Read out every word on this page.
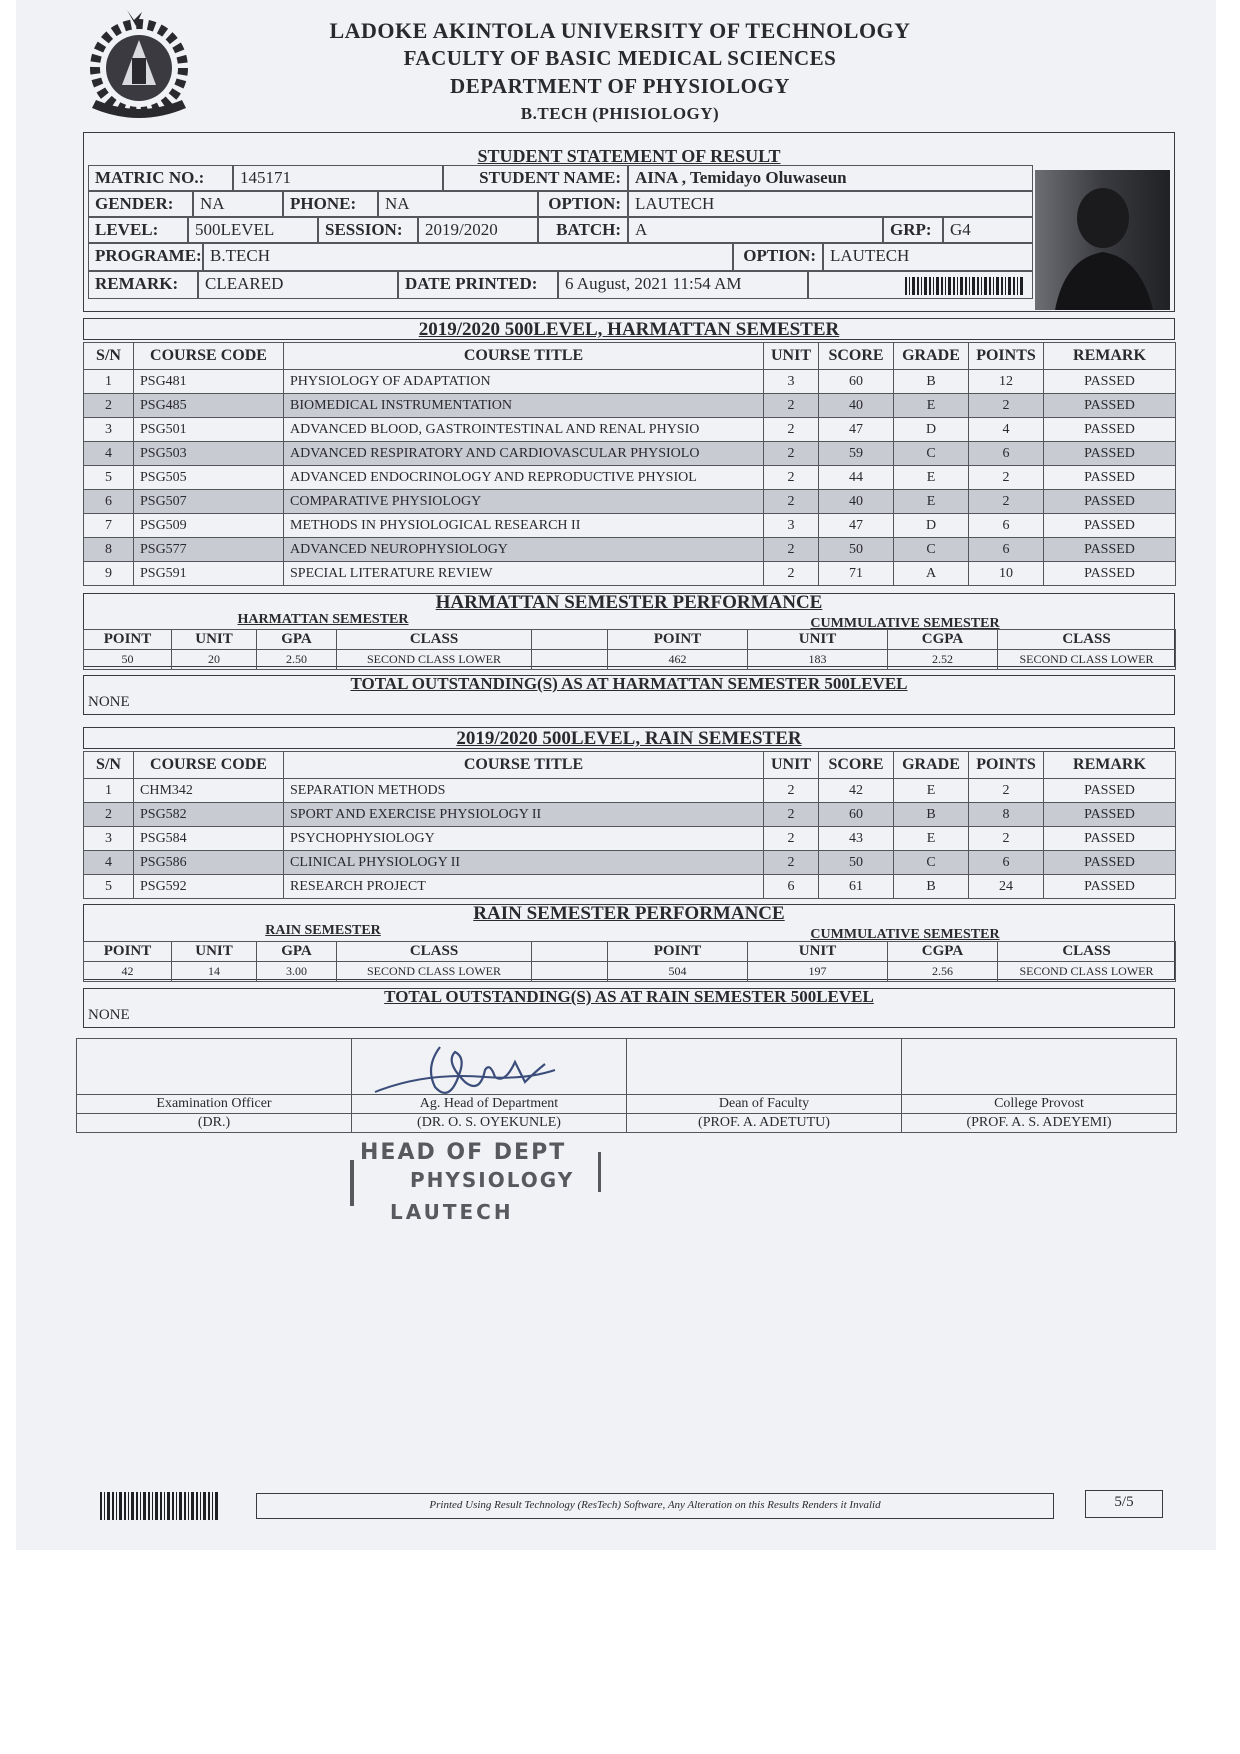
LADOKE AKINTOLA UNIVERSITY OF TECHNOLOGY
FACULTY OF BASIC MEDICAL SCIENCES
DEPARTMENT OF PHYSIOLOGY
B.TECH (PHISIOLOGY)
STUDENT STATEMENT OF RESULT
MATRIC NO.:	145171	STUDENT NAME: AINA , Temidayo Oluwaseun
GENDER:	NA	PHONE:	NA	OPTION: LAUTECH
LEVEL:	500LEVEL	SESSION:	2019/2020	BATCH: A	GRP:	G4
PROGRAME: B.TECH	OPTION: LAUTECH
REMARK:	CLEARED	DATE PRINTED:	6 August, 2021 11:54 AM
2019/2020 500LEVEL, HARMATTAN SEMESTER
S/N	COURSE CODE	COURSE TITLE	UNIT	SCORE	GRADE	POINTS	REMARK
1	PSG481	PHYSIOLOGY OF ADAPTATION	3	60	B	12	PASSED
2	PSG485	BIOMEDICAL INSTRUMENTATION	2	40	E	2	PASSED
3	PSG501	ADVANCED BLOOD, GASTROINTESTINAL AND RENAL PHYSIO	2	47	D	4	PASSED
4	PSG503	ADVANCED RESPIRATORY AND CARDIOVASCULAR PHYSIOLO	2	59	C	6	PASSED
5	PSG505	ADVANCED ENDOCRINOLOGY AND REPRODUCTIVE PHYSIOL	2	44	E	2	PASSED
6	PSG507	COMPARATIVE PHYSIOLOGY	2	40	E	2	PASSED
7	PSG509	METHODS IN PHYSIOLOGICAL RESEARCH II	3	47	D	6	PASSED
8	PSG577	ADVANCED NEUROPHYSIOLOGY	2	50	C	6	PASSED
9	PSG591	SPECIAL LITERATURE REVIEW	2	71	A	10	PASSED
HARMATTAN SEMESTER PERFORMANCE
HARMATTAN SEMESTER	CUMMULATIVE SEMESTER
POINT	UNIT	GPA	CLASS		POINT	UNIT	CGPA	CLASS
50	20	2.50	SECOND CLASS LOWER		462	183	2.52	SECOND CLASS LOWER
TOTAL OUTSTANDING(S) AS AT HARMATTAN SEMESTER 500LEVEL
NONE
2019/2020 500LEVEL, RAIN SEMESTER
S/N	COURSE CODE	COURSE TITLE	UNIT	SCORE	GRADE	POINTS	REMARK
1	CHM342	SEPARATION METHODS	2	42	E	2	PASSED
2	PSG582	SPORT AND EXERCISE PHYSIOLOGY II	2	60	B	8	PASSED
3	PSG584	PSYCHOPHYSIOLOGY	2	43	E	2	PASSED
4	PSG586	CLINICAL PHYSIOLOGY II	2	50	C	6	PASSED
5	PSG592	RESEARCH PROJECT	6	61	B	24	PASSED
RAIN SEMESTER PERFORMANCE
RAIN SEMESTER	CUMMULATIVE SEMESTER
POINT	UNIT	GPA	CLASS		POINT	UNIT	CGPA	CLASS
42	14	3.00	SECOND CLASS LOWER		504	197	2.56	SECOND CLASS LOWER
TOTAL OUTSTANDING(S) AS AT RAIN SEMESTER 500LEVEL
NONE

Examination Officer	Ag. Head of Department	Dean of Faculty	College Provost
(DR.)	(DR. O. S. OYEKUNLE)	(PROF. A. ADETUTU)	(PROF. A. S. ADEYEMI)
HEAD OF DEPT
PHYSIOLOGY
LAUTECH
Printed Using Result Technology (ResTech) Software, Any Alteration on this Results Renders it Invalid	5/5
